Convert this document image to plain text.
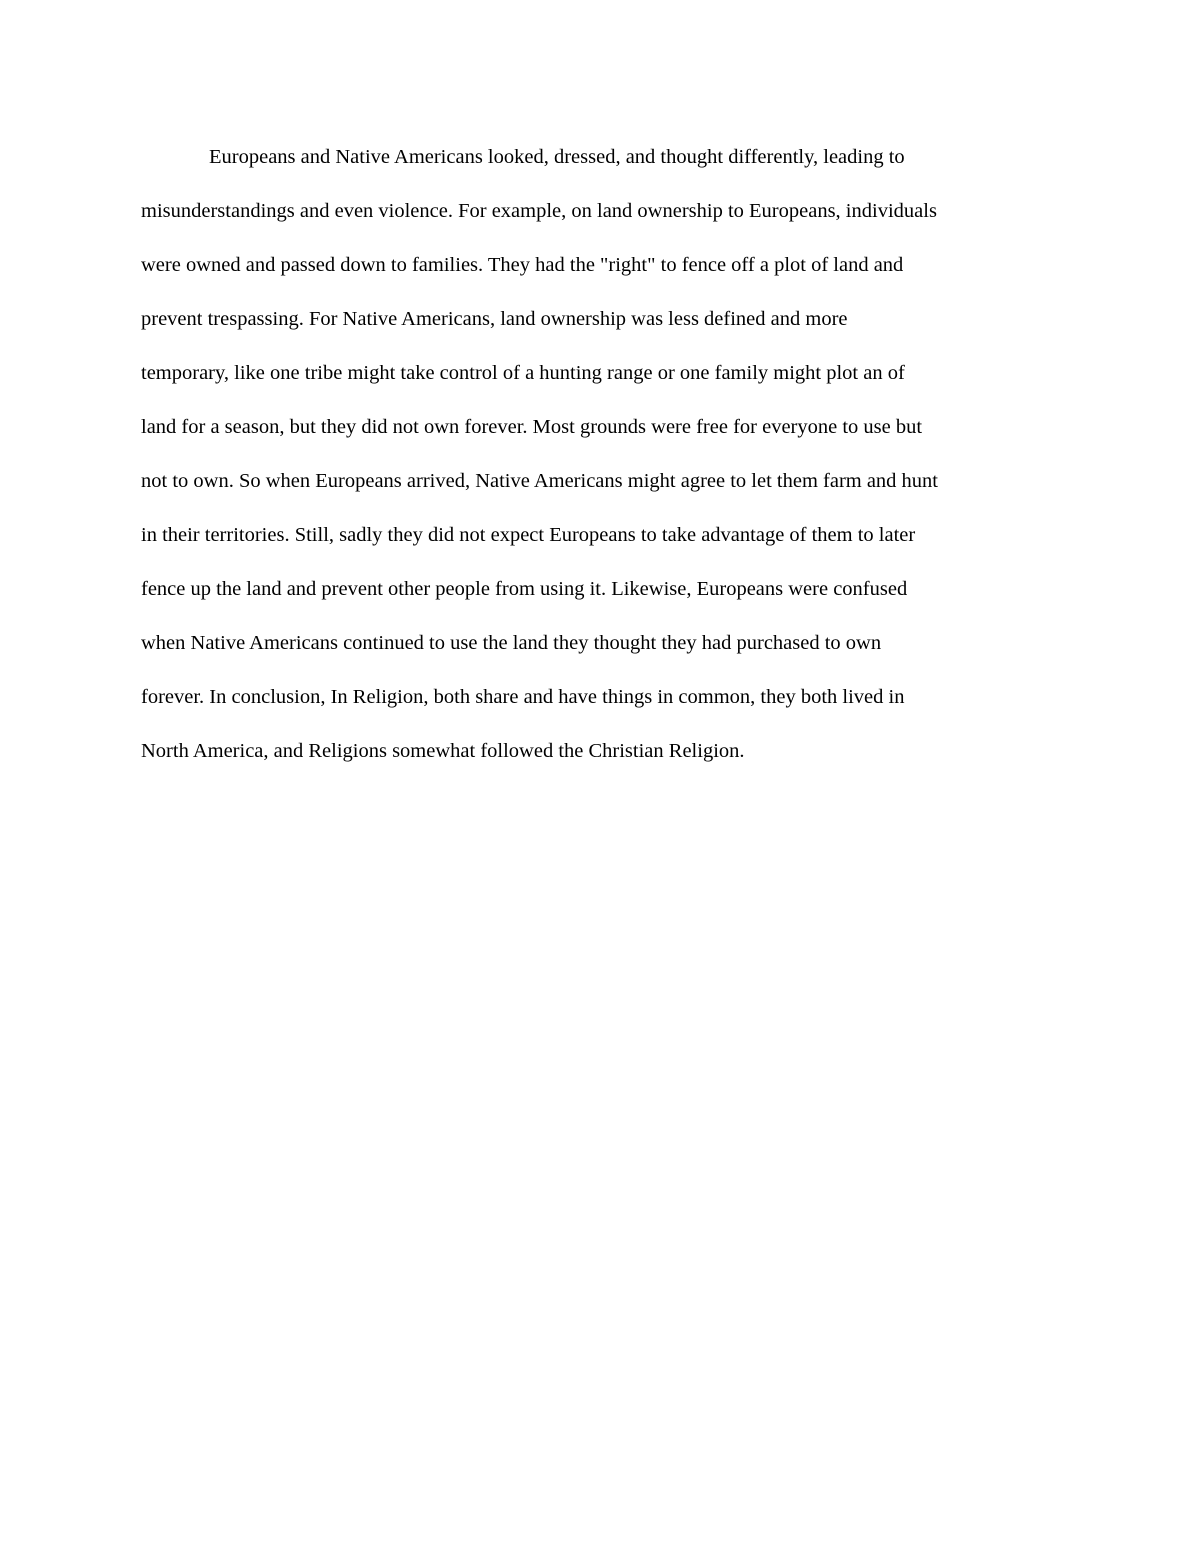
Europeans and Native Americans looked, dressed, and thought differently, leading to
misunderstandings and even violence. For example, on land ownership to Europeans, individuals
were owned and passed down to families. They had the "right" to fence off a plot of land and
prevent trespassing. For Native Americans, land ownership was less defined and more
temporary, like one tribe might take control of a hunting range or one family might plot an of
land for a season, but they did not own forever. Most grounds were free for everyone to use but
not to own. So when Europeans arrived, Native Americans might agree to let them farm and hunt
in their territories. Still, sadly they did not expect Europeans to take advantage of them to later
fence up the land and prevent other people from using it. Likewise, Europeans were confused
when Native Americans continued to use the land they thought they had purchased to own
forever. In conclusion, In Religion, both share and have things in common, they both lived in
North America, and Religions somewhat followed the Christian Religion.
